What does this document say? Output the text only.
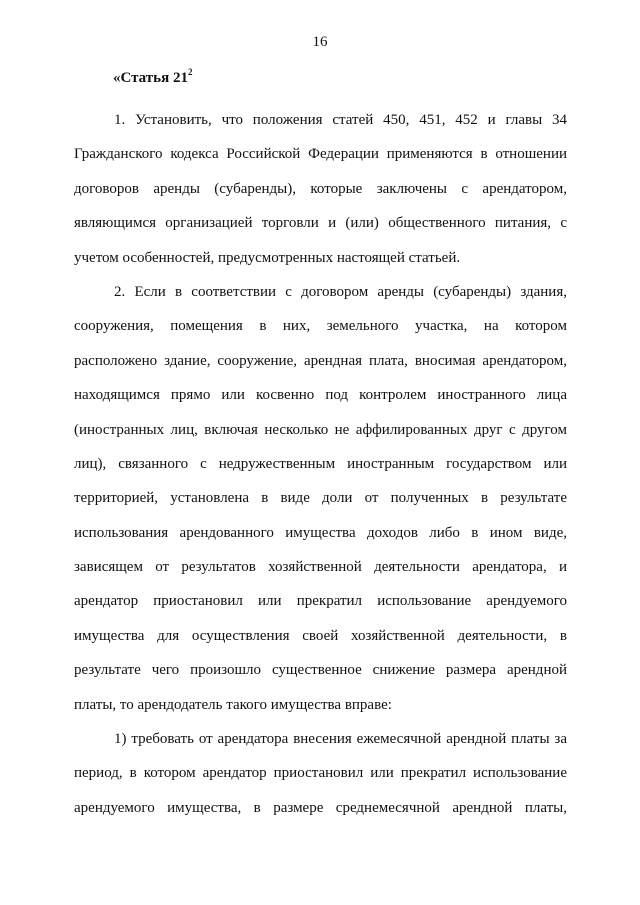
16
«Статья $21^2$
1. Установить, что положения статей 450, 451, 452 и главы 34
Гражданского кодекса Российской Федерации применяются в отношении
договоров аренды (субаренды), которые заключены с арендатором,
являющимся организацией торговли и (или) общественного питания, с
учетом особенностей, предусмотренных настоящей статьей.
2. Если в соответствии с договором аренды (субаренды) здания,
сооружения, помещения в них, земельного участка, на котором
расположено здание, сооружение, арендная плата, вносимая арендатором,
находящимся прямо или косвенно под контролем иностранного лица
(иностранных лиц, включая несколько не аффилированных друг с другом
лиц), связанного с недружественным иностранным государством или
территорией, установлена в виде доли от полученных в результате
использования арендованного имущества доходов либо в ином виде,
зависящем от результатов хозяйственной деятельности арендатора, и
арендатор приостановил или прекратил использование арендуемого
имущества для осуществления своей хозяйственной деятельности, в
результате чего произошло существенное снижение размера арендной
платы, то арендодатель такого имущества вправе:
1) требовать от арендатора внесения ежемесячной арендной платы за
период, в котором арендатор приостановил или прекратил использование
арендуемого имущества, в размере среднемесячной арендной платы,
